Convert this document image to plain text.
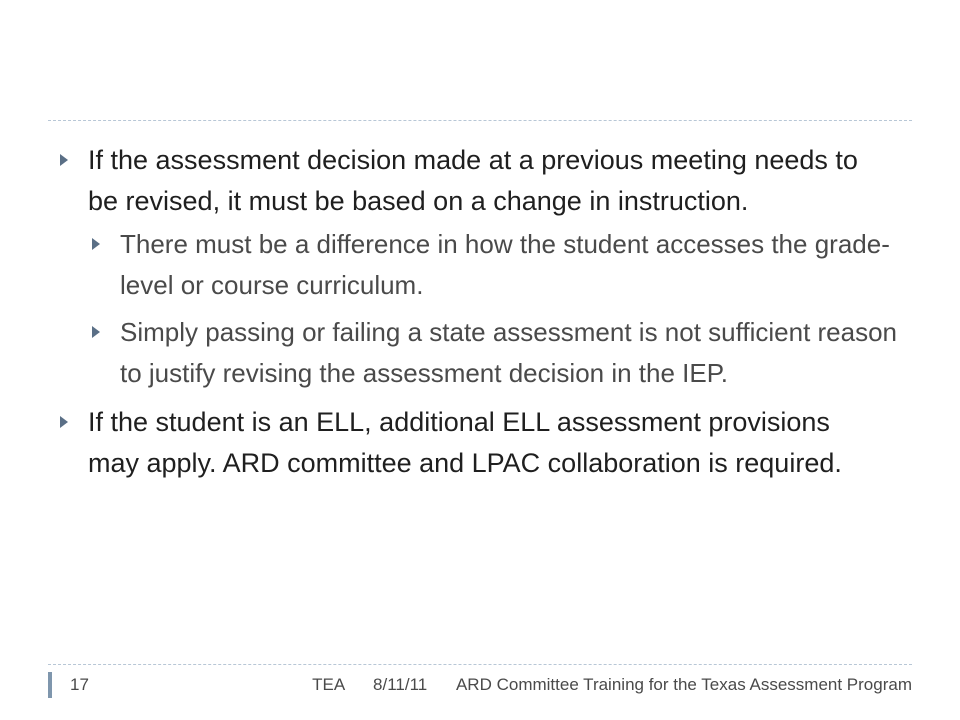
If the assessment decision made at a previous meeting needs to be revised, it must be based on a change in instruction.
There must be a difference in how the student accesses the grade-level or course curriculum.
Simply passing or failing a state assessment is not sufficient reason to justify revising the assessment decision in the IEP.
If the student is an ELL, additional ELL assessment provisions may apply. ARD committee and LPAC collaboration is required.
17	TEA 8/11/11 ARD Committee Training for the Texas Assessment Program
